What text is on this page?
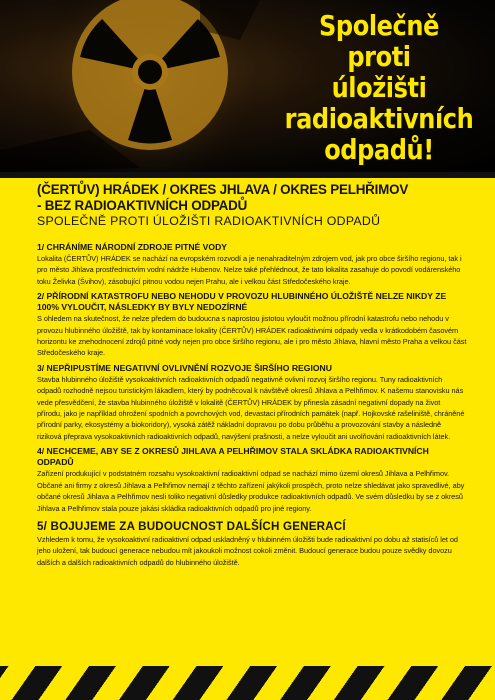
Společně proti
úložišti
radioaktivních
odpadů!
(ČERTŮV) HRÁDEK / OKRES JHLAVA / OKRES PELHŘIMOV
- BEZ RADIOAKTIVNÍCH ODPADŮ
SPOLEČNĚ PROTI ÚLOŽIŠTI RADIOAKTIVNÍCH ODPADŮ
1/ CHRÁNÍME NÁRODNÍ ZDROJE PITNÉ VODY
Lokalita (ČERTŮV) HRÁDEK se nachází na evropském rozvodí a je nenahraditelným zdrojem vod, jak pro obce širšího regionu, tak i pro město Jihlava prostřednictvím vodní nádrže Hubenov. Nelze také přehlédnout, že tato lokalita zasahuje do povodí vodárenského toku Želivka (Švihov), zásobující pitnou vodou nejen Prahu, ale i velkou část Středočeského kraje.
2/ PŘÍRODNÍ KATASTROFU NEBO NEHODU V PROVOZU HLUBINNÉHO ÚLOŽIŠTĚ NELZE NIKDY ZE 100% VYLOUČIT, NÁSLEDKY BY BYLY NEDOZÍRNÉ
S ohledem na skutečnost, že nelze předem do budoucna s naprostou jistotou vyloučit možnou přírodní katastrofu nebo nehodu v provozu hlubinného úložiště, tak by kontaminace lokality (ČERTŮV) HRÁDEK radioaktivními odpady vedla v krátkodobém časovém horizontu ke znehodnocení zdrojů pitné vody nejen pro obce širšího regionu, ale i pro město Jihlava, hlavní město Praha a velkou část Středočeského kraje.
3/ NEPŘIPUSTÍME NEGATIVNÍ OVLIVNĚNÍ ROZVOJE ŠIRŠÍHO REGIONU
Stavba hlubinného úložiště vysokoaktivních radioaktivních odpadů negativně ovlivní rozvoj širšího regionu. Tuny radioaktivních odpadů rozhodně nejsou turistickým lákadlem, který by podněcoval k návštěvě okresů Jihlava a Pelhřimov. K našemu stanovisku nás vede přesvědčení, že stavba hlubinného úložiště v lokalitě (ČERTŮV) HRÁDEK by přinesla zásadní negativní dopady na život přírodu, jako je například ohrožení spodních a povrchových vod, devastaci přírodních památek (např. Hojkovské rašeliniště, chráněné přírodní parky, ekosystémy a biokoridory), vysoká zátěž nákladní dopravou po dobu průběhu a provozování stavby a následně riziková přeprava vysokoaktivních radioaktivních odpadů, navýšení prašnosti, a nelze vyloučit ani uvolňování radioaktivních látek.
4/ NECHCEME, ABY SE Z OKRESŮ JIHLAVA A PELHŘIMOV STALA SKLÁDKA RADIOAKTIVNÍCH ODPADŮ
Zařízení produkující v podstatném rozsahu vysokoaktivní radioaktivní odpad se nachází mimo území okresů Jihlava a Pelhřimov. Občané ani firmy z okresů Jihlava a Pelhřimov nemají z těchto zařízení jakýkoli prospěch, proto nelze shledávat jako spravedlivé, aby občané okresů Jihlava a Pelhřimov nesli toliko negativní důsledky produkce radioaktivních odpadů. Ve svém důsledku by se z okresů Jihlava a Pelhřimov stala pouze jakási skládka radioaktivních odpadů pro jiné regiony.
5/ BOJUJEME ZA BUDOUCNOST DALŠÍCH GENERACÍ
Vzhledem k tomu, že vysokoaktivní radioaktivní odpad uskladněný v hlubinném úložišti bude radioaktivní po dobu až statisíců let od jeho uložení, tak budoucí generace nebudou mít jakoukoli možnost cokoli změnit. Budoucí generace budou pouze svědky dovozu dalších a dalších radioaktivních odpadů do hlubinného úložiště.
